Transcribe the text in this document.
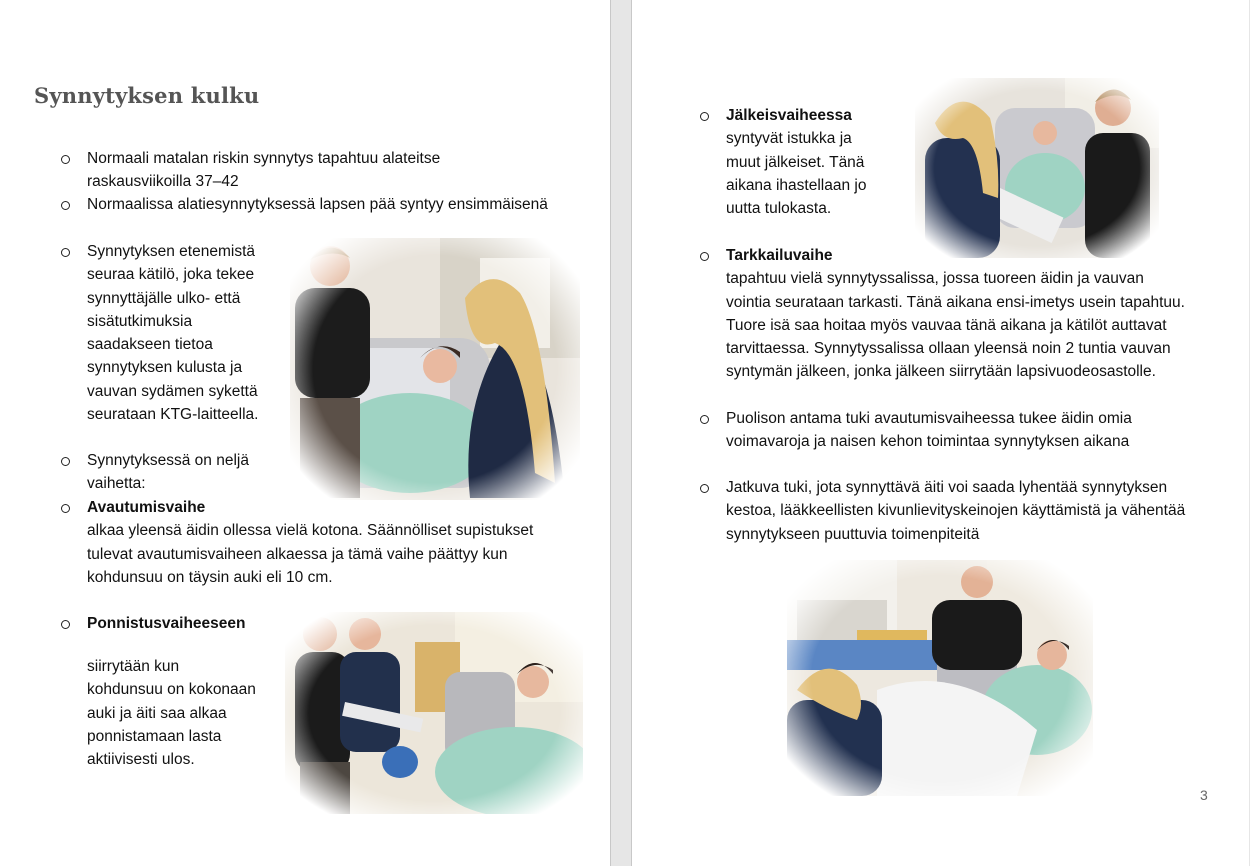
Synnytyksen kulku
Normaali matalan riskin synnytys tapahtuu alateitse
raskausviikoilla 37–42
Normaalissa alatiesynnytyksessä lapsen pää syntyy ensimmäisenä
Synnytyksen etenemistä
seuraa kätilö, joka tekee
synnyttäjälle ulko- että
sisätutkimuksia
saadakseen tietoa
synnytyksen kulusta ja
vauvan sydämen sykettä
seurataan KTG-laitteella.
Synnytyksessä on neljä
vaihetta:
Avautumisvaihe
alkaa yleensä äidin ollessa vielä kotona. Säännölliset supistukset
tulevat avautumisvaiheen alkaessa ja tämä vaihe päättyy kun
kohdunsuu on täysin auki eli 10 cm.
Ponnistusvaiheeseen
siirrytään kun
kohdunsuu on kokonaan
auki ja äiti saa alkaa
ponnistamaan lasta
aktiivisesti ulos.
Jälkeisvaiheessa
syntyvät istukka ja
muut jälkeiset. Tänä
aikana ihastellaan jo
uutta tulokasta.
Tarkkailuvaihe
tapahtuu vielä synnytyssalissa, jossa tuoreen äidin ja vauvan
vointia seurataan tarkasti. Tänä aikana ensi-imetys usein tapahtuu.
Tuore isä saa hoitaa myös vauvaa tänä aikana ja kätilöt auttavat
tarvittaessa. Synnytyssalissa ollaan yleensä noin 2 tuntia vauvan
syntymän jälkeen, jonka jälkeen siirrytään lapsivuodeosastolle.
Puolison antama tuki avautumisvaiheessa tukee äidin omia
voimavaroja ja naisen kehon toimintaa synnytyksen aikana
Jatkuva tuki, jota synnyttävä äiti voi saada lyhentää synnytyksen
kestoa, lääkkeellisten kivunlievityskeinojen käyttämistä ja vähentää
synnytykseen puuttuvia toimenpiteitä
3
